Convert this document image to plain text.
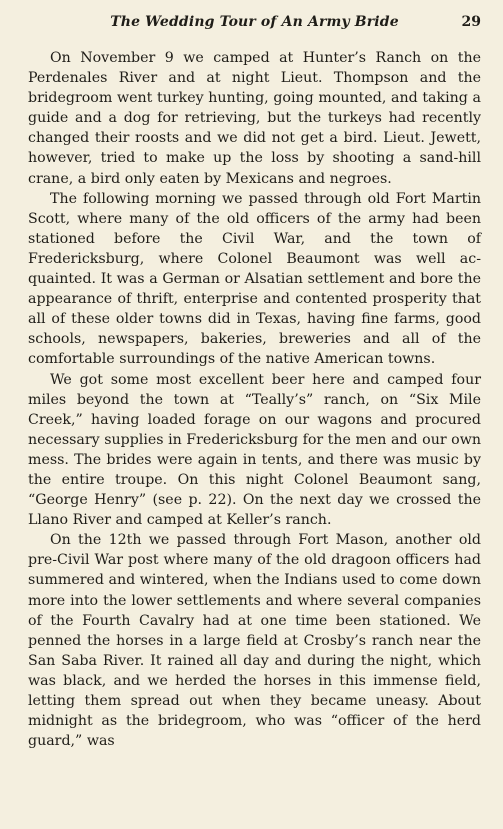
The Wedding Tour of An Army Bride	29

On November 9 we camped at Hunter’s Ranch on the Perdenales River and at night Lieut. Thompson and the bridegroom went turkey hunting, going mounted, and taking a guide and a dog for retrieving, but the turkeys had recently changed their roosts and we did not get a bird. Lieut. Jewett, however, tried to make up the loss by shooting a sand-hill crane, a bird only eaten by Mexicans and negroes.

The following morning we passed through old Fort Martin Scott, where many of the old officers of the army had been stationed before the Civil War, and the town of Fredericksburg, where Colonel Beaumont was well acquainted. It was a German or Alsatian settlement and bore the appearance of thrift, enterprise and contented prosperity that all of these older towns did in Texas, having fine farms, good schools, newspapers, bakeries, breweries and all of the comfortable surroundings of the native American towns.

We got some most excellent beer here and camped four miles beyond the town at “Teally’s” ranch, on “Six Mile Creek,” having loaded forage on our wagons and procured necessary supplies in Fredericksburg for the men and our own mess. The brides were again in tents, and there was music by the entire troupe. On this night Colonel Beaumont sang, “George Henry” (see p. 22). On the next day we crossed the Llano River and camped at Keller’s ranch.

On the 12th we passed through Fort Mason, another old pre-Civil War post where many of the old dragoon officers had summered and wintered, when the Indians used to come down more into the lower settlements and where several companies of the Fourth Cavalry had at one time been stationed. We penned the horses in a large field at Crosby’s ranch near the San Saba River. It rained all day and during the night, which was black, and we herded the horses in this immense field, letting them spread out when they became uneasy. About midnight as the bridegroom, who was “officer of the herd guard,” was
